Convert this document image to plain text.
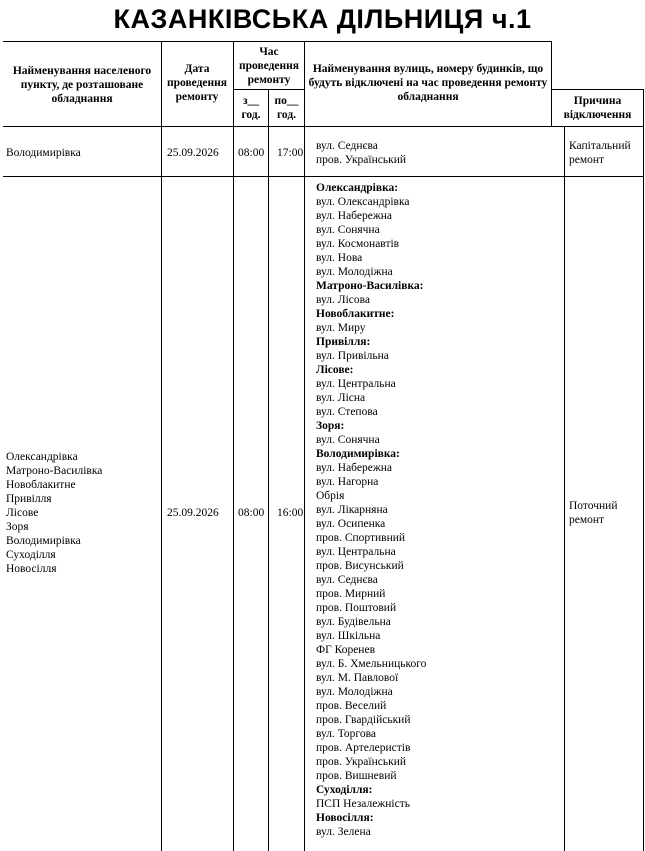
КАЗАНКІВСЬКА ДІЛЬНИЦЯ ч.1
Найменування населеного пункту, де розташоване обладнання
Дата проведення ремонту
Час проведення ремонту
з__ год.
по__ год.
Найменування вулиць, номеру будинків, що будуть відключені на час проведення ремонту обладнання	Причина відключення
Володимирівка	25.09.2026 08:00 17:00
вул. Седнєва
пров. Український
Капітальний ремонт
Олександрівка
Матроно-Василівка
Новоблакитне
Привілля
Лісове
Зоря
Володимирівка
Суходілля
Новосілля
25.09.2026 08:00 16:00
Олександрівка:
вул. Олександрівка
вул. Набережна
вул. Сонячна
вул. Космонавтів
вул. Нова
вул. Молодіжна
Матроно-Василівка:
вул. Лісова
Новоблакитне:
вул. Миру
Привілля:
вул. Привільна
Лісове:
вул. Центральна
вул. Лісна
вул. Степова
Зоря:
вул. Сонячна
Володимирівка:
вул. Набережна
вул. Нагорна
Обрія
вул. Лікарняна
вул. Осипенка
пров. Спортивний
вул. Центральна
пров. Висунський
вул. Седнєва
пров. Мирний
пров. Поштовий
вул. Будівельна
вул. Шкільна
ФГ Коренев
вул. Б. Хмельницького
вул. М. Павлової
вул. Молодіжна
пров. Веселий
пров. Гвардійський
вул. Торгова
пров. Артелеристів
пров. Український
пров. Вишневий
Суходілля:
ПСП Незалежність
Новосілля:
вул. Зелена
Поточний ремонт
